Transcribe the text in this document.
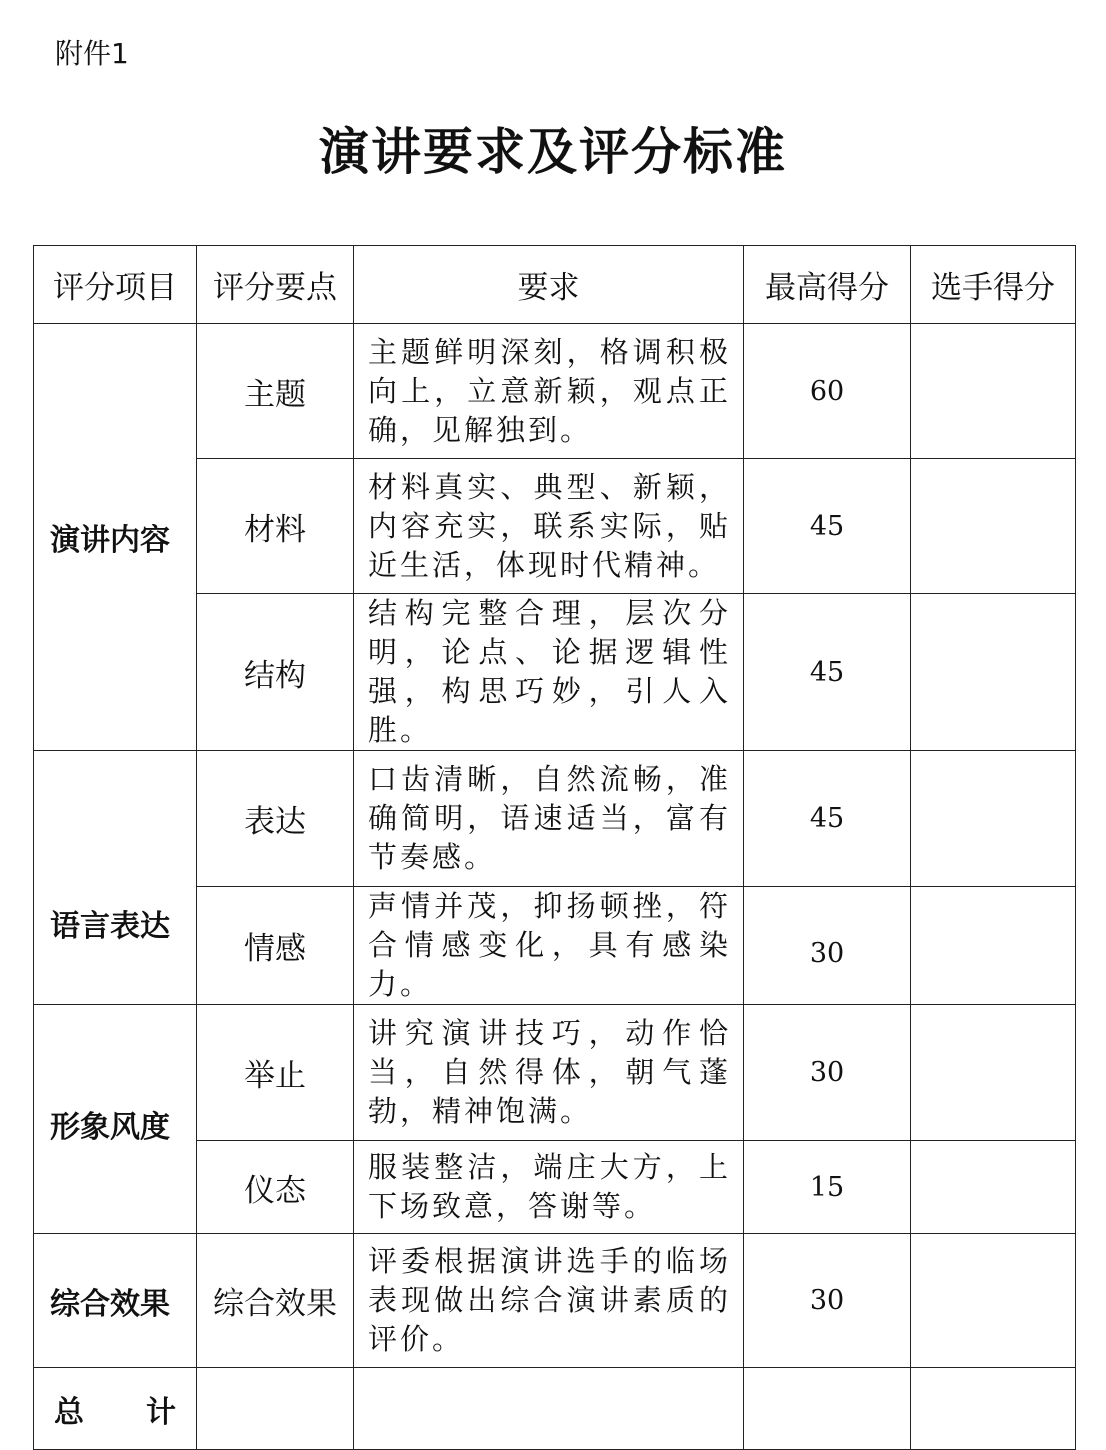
附件1
演讲要求及评分标准
评分项目	评分要点	要求	最高得分	选手得分
演讲内容	主题	主题鲜明深刻，格调积极向上，立意新颖，观点正确，见解独到。	60	
	材料	材料真实、典型、新颖，内容充实，联系实际，贴近生活，体现时代精神。	45	
	结构	结构完整合理，层次分明，论点、论据逻辑性强，构思巧妙，引人入胜。	45	
语言表达	表达	口齿清晰，自然流畅，准确简明，语速适当，富有节奏感。	45	
	情感	声情并茂，抑扬顿挫，符合情感变化，具有感染力。	30	
形象风度	举止	讲究演讲技巧，动作恰当，自然得体，朝气蓬勃，精神饱满。	30	
	仪态	服装整洁，端庄大方，上下场致意，答谢等。	15	
综合效果	综合效果	评委根据演讲选手的临场表现做出综合演讲素质的评价。	30	

总 计				
